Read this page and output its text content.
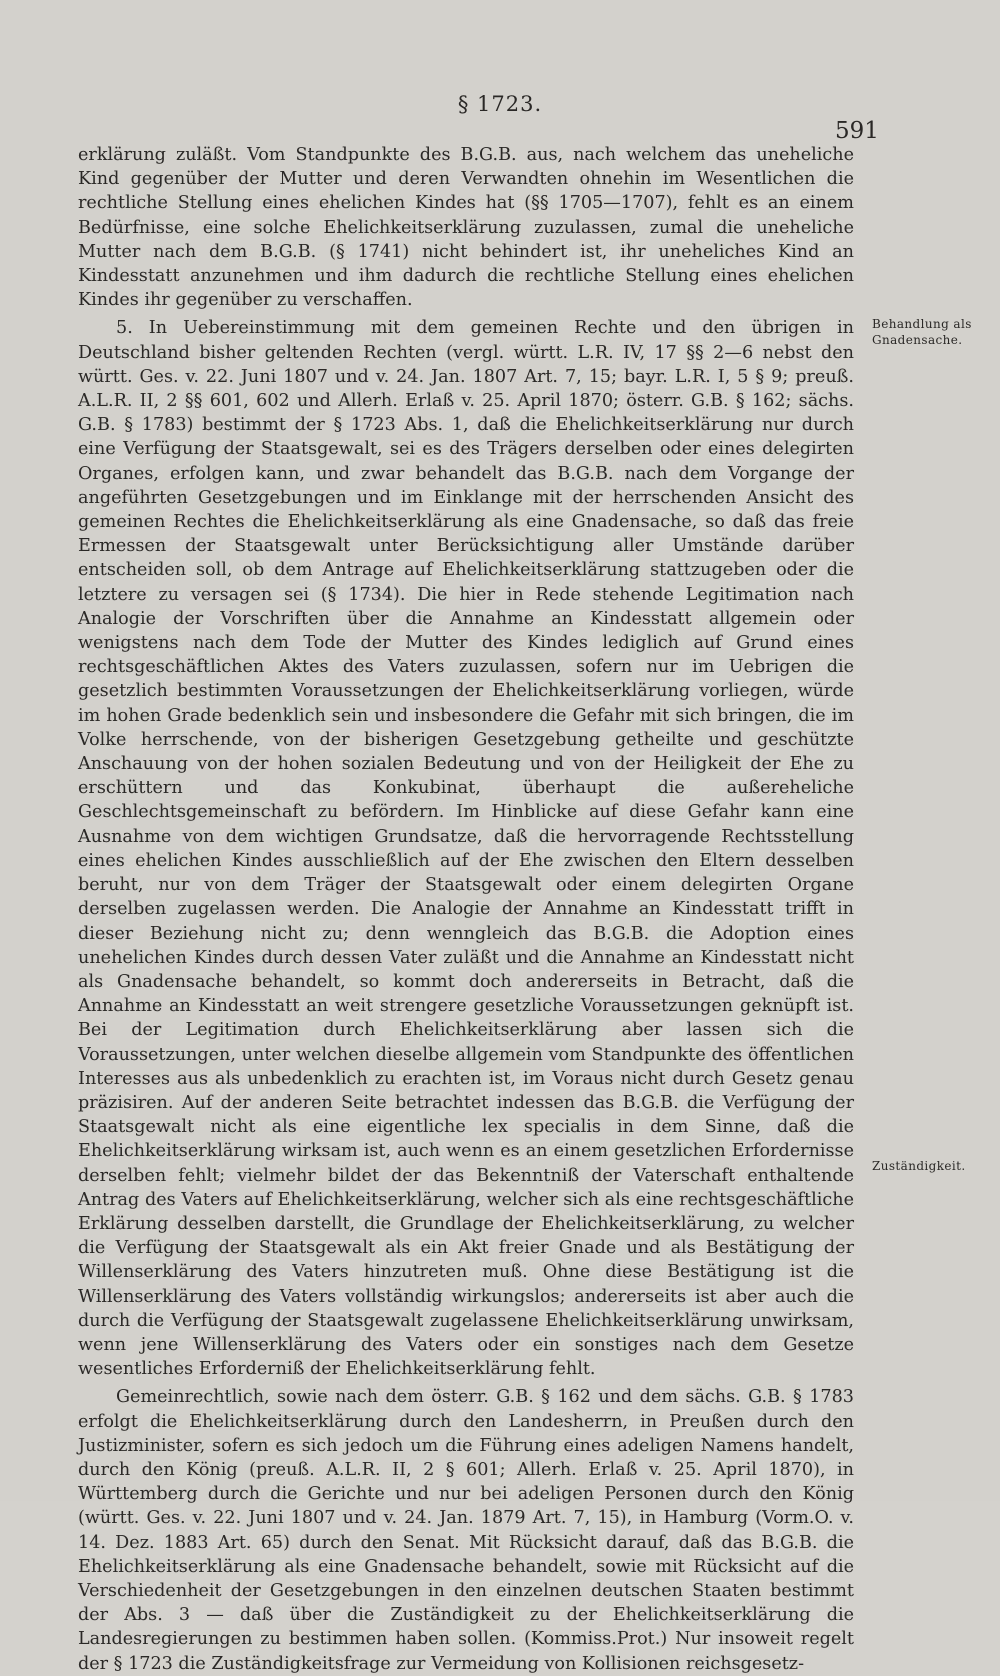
§ 1723.
591

erklärung zuläßt. Vom Standpunkte des B.G.B. aus, nach welchem das uneheliche Kind gegenüber der Mutter und deren Verwandten ohnehin im Wesentlichen die rechtliche Stellung eines ehelichen Kindes hat (§§ 1705—1707), fehlt es an einem Bedürfnisse, eine solche Ehelichkeitserklärung zuzulassen, zumal die uneheliche Mutter nach dem B.G.B. (§ 1741) nicht behindert ist, ihr uneheliches Kind an Kindesstatt anzunehmen und ihm dadurch die rechtliche Stellung eines ehelichen Kindes ihr gegenüber zu verschaffen.

5. In Uebereinstimmung mit dem gemeinen Rechte und den übrigen in Deutschland bisher geltenden Rechten (vergl. württ. L.R. IV, 17 §§ 2—6 nebst den württ. Ges. v. 22. Juni 1807 und v. 24. Jan. 1807 Art. 7, 15; bayr. L.R. I, 5 § 9; preuß. A.L.R. II, 2 §§ 601, 602 und Allerh. Erlaß v. 25. April 1870; österr. G.B. § 162; sächs. G.B. § 1783) bestimmt der § 1723 Abs. 1, daß die Ehelichkeitserklärung nur durch eine Verfügung der Staatsgewalt, sei es des Trägers derselben oder eines delegirten Organes, erfolgen kann, und zwar behandelt das B.G.B. nach dem Vorgange der angeführten Gesetzgebungen und im Einklange mit der herrschenden Ansicht des gemeinen Rechtes die Ehelichkeitserklärung als eine Gnadensache, so daß das freie Ermessen der Staatsgewalt unter Berücksichtigung aller Umstände darüber entscheiden soll, ob dem Antrage auf Ehelichkeitserklärung stattzugeben oder die letztere zu versagen sei (§ 1734). Die hier in Rede stehende Legitimation nach Analogie der Vorschriften über die Annahme an Kindesstatt allgemein oder wenigstens nach dem Tode der Mutter des Kindes lediglich auf Grund eines rechtsgeschäftlichen Aktes des Vaters zuzulassen, sofern nur im Uebrigen die gesetzlich bestimmten Voraussetzungen der Ehelichkeitserklärung vorliegen, würde im hohen Grade bedenklich sein und insbesondere die Gefahr mit sich bringen, die im Volke herrschende, von der bisherigen Gesetzgebung getheilte und geschützte Anschauung von der hohen sozialen Bedeutung und von der Heiligkeit der Ehe zu erschüttern und das Konkubinat, überhaupt die außereheliche Geschlechtsgemeinschaft zu befördern. Im Hinblicke auf diese Gefahr kann eine Ausnahme von dem wichtigen Grundsatze, daß die hervorragende Rechtsstellung eines ehelichen Kindes ausschließlich auf der Ehe zwischen den Eltern desselben beruht, nur von dem Träger der Staatsgewalt oder einem delegirten Organe derselben zugelassen werden. Die Analogie der Annahme an Kindesstatt trifft in dieser Beziehung nicht zu; denn wenngleich das B.G.B. die Adoption eines unehelichen Kindes durch dessen Vater zuläßt und die Annahme an Kindesstatt nicht als Gnadensache behandelt, so kommt doch andererseits in Betracht, daß die Annahme an Kindesstatt an weit strengere gesetzliche Voraussetzungen geknüpft ist. Bei der Legitimation durch Ehelichkeitserklärung aber lassen sich die Voraussetzungen, unter welchen dieselbe allgemein vom Standpunkte des öffentlichen Interesses aus als unbedenklich zu erachten ist, im Voraus nicht durch Gesetz genau präzisiren. Auf der anderen Seite betrachtet indessen das B.G.B. die Verfügung der Staatsgewalt nicht als eine eigentliche lex specialis in dem Sinne, daß die Ehelichkeitserklärung wirksam ist, auch wenn es an einem gesetzlichen Erfordernisse derselben fehlt; vielmehr bildet der das Bekenntniß der Vaterschaft enthaltende Antrag des Vaters auf Ehelichkeitserklärung, welcher sich als eine rechtsgeschäftliche Erklärung desselben darstellt, die Grundlage der Ehelichkeitserklärung, zu welcher die Verfügung der Staatsgewalt als ein Akt freier Gnade und als Bestätigung der Willenserklärung des Vaters hinzutreten muß. Ohne diese Bestätigung ist die Willenserklärung des Vaters vollständig wirkungslos; andererseits ist aber auch die durch die Verfügung der Staatsgewalt zugelassene Ehelichkeitserklärung unwirksam, wenn jene Willenserklärung des Vaters oder ein sonstiges nach dem Gesetze wesentliches Erforderniß der Ehelichkeitserklärung fehlt.

Gemeinrechtlich, sowie nach dem österr. G.B. § 162 und dem sächs. G.B. § 1783 erfolgt die Ehelichkeitserklärung durch den Landesherrn, in Preußen durch den Justizminister, sofern es sich jedoch um die Führung eines adeligen Namens handelt, durch den König (preuß. A.L.R. II, 2 § 601; Allerh. Erlaß v. 25. April 1870), in Württemberg durch die Gerichte und nur bei adeligen Personen durch den König (württ. Ges. v. 22. Juni 1807 und v. 24. Jan. 1879 Art. 7, 15), in Hamburg (Vorm.O. v. 14. Dez. 1883 Art. 65) durch den Senat. Mit Rücksicht darauf, daß das B.G.B. die Ehelichkeitserklärung als eine Gnadensache behandelt, sowie mit Rücksicht auf die Verschiedenheit der Gesetzgebungen in den einzelnen deutschen Staaten bestimmt der Abs. 3 — daß über die Zuständigkeit zu der Ehelichkeitserklärung die Landesregierungen zu bestimmen haben sollen. (Kommiss.Prot.) Nur insoweit regelt der § 1723 die Zuständigkeitsfrage zur Vermeidung von Kollisionen reichsgesetz-

Behandlung als
Gnadensache.
Zuständigkeit.
